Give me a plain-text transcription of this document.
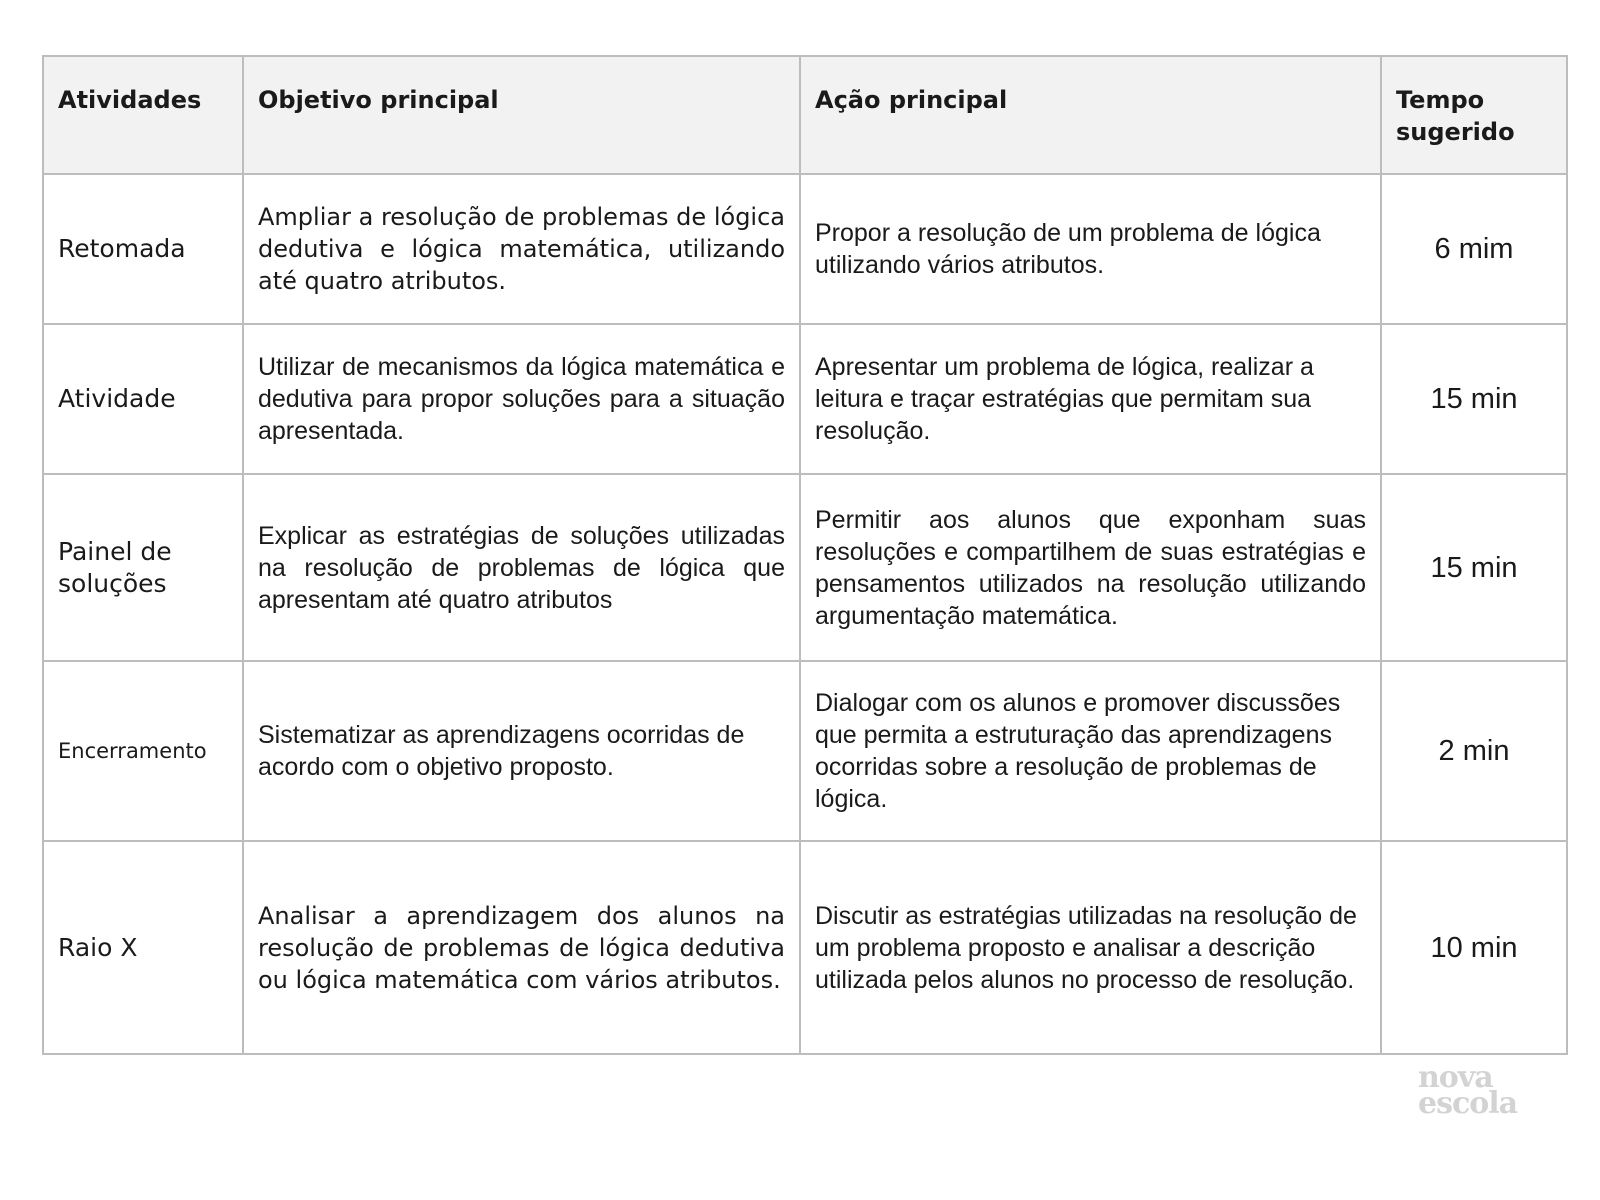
Atividades	Objetivo principal	Ação principal	Tempo sugerido
Retomada	Ampliar a resolução de problemas de lógica dedutiva e lógica matemática, utilizando até quatro atributos.	Propor a resolução de um problema de lógica utilizando vários atributos.	6 mim
Atividade	Utilizar de mecanismos da lógica matemática e dedutiva para propor soluções para a situação apresentada.	Apresentar um problema de lógica, realizar a leitura e traçar estratégias que permitam sua resolução.	15 min
Painel de soluções	Explicar as estratégias de soluções utilizadas na resolução de problemas de lógica que apresentam até quatro atributos	Permitir aos alunos que exponham suas resoluções e compartilhem de suas estratégias e pensamentos utilizados na resolução utilizando argumentação matemática.	15 min
Encerramento	Sistematizar as aprendizagens ocorridas de acordo com o objetivo proposto.	Dialogar com os alunos e promover discussões que permita a estruturação das aprendizagens ocorridas sobre a resolução de problemas de lógica.	2 min
Raio X	Analisar a aprendizagem dos alunos na resolução de problemas de lógica dedutiva ou lógica matemática com vários atributos.	Discutir as estratégias utilizadas na resolução de um problema proposto e analisar a descrição utilizada pelos alunos no processo de resolução.	10 min
nova
escola
